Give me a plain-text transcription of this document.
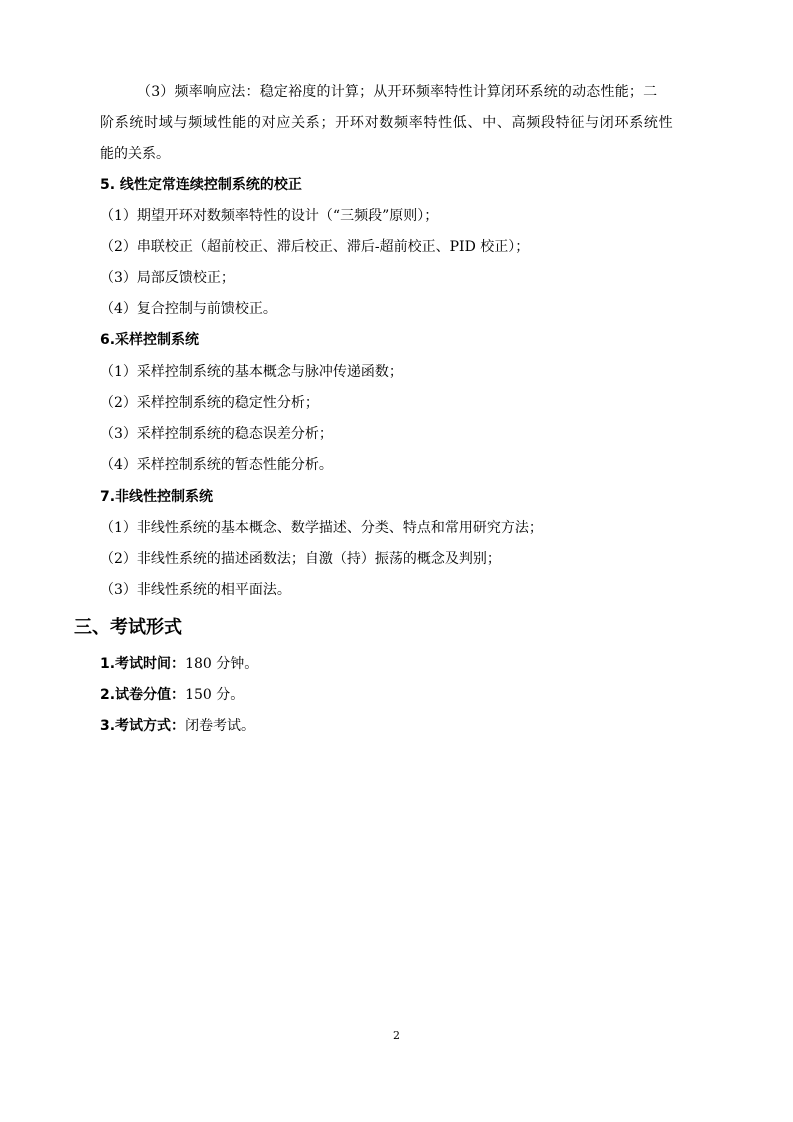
（3）频率响应法：稳定裕度的计算；从开环频率特性计算闭环系统的动态性能；二
阶系统时域与频域性能的对应关系；开环对数频率特性低、中、高频段特征与闭环系统性
能的关系。
5. 线性定常连续控制系统的校正
（1）期望开环对数频率特性的设计（“三频段”原则）；
（2）串联校正（超前校正、滞后校正、滞后-超前校正、PID 校正）；
（3）局部反馈校正；
（4）复合控制与前馈校正。
6.采样控制系统
（1）采样控制系统的基本概念与脉冲传递函数；
（2）采样控制系统的稳定性分析；
（3）采样控制系统的稳态误差分析；
（4）采样控制系统的暂态性能分析。
7.非线性控制系统
（1）非线性系统的基本概念、数学描述、分类、特点和常用研究方法；
（2）非线性系统的描述函数法；自激（持）振荡的概念及判别；
（3）非线性系统的相平面法。
三、考试形式
1.考试时间：180 分钟。
2.试卷分值：150 分。
3.考试方式：闭卷考试。
2
